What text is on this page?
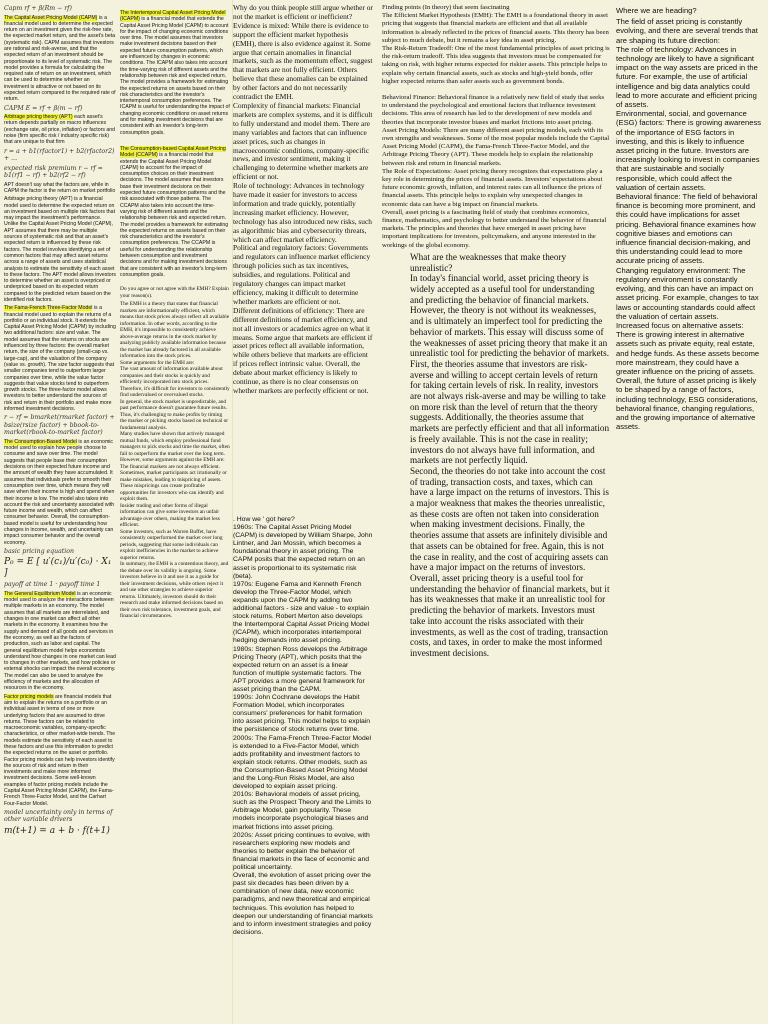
Capm rf + β(Rm − rf)

The Capital Asset Pricing Model (CAPM) is a financial model used to determine the expected return on an investment given the risk-free rate, the expected market return, and the asset's beta (systematic risk). CAPM assumes that investors are rational and risk-averse, and that the expected return of an investment should be proportionate to its level of systematic risk. The model provides a formula for calculating the required rate of return on an investment, which can be used to determine whether an investment is attractive or not based on its expected return compared to the required rate of return.

CAPM E = rf + β(m − rf)

Arbitrage pricing theory (APT) each asset's return depends partially on macro influences (exchange rate, oil price, inflation) or factors and noise (firm specific risk / industry specific risk) that are unique to that firm

r = a + b1(rfactor1) + b2(rfactor2) + ...
expected risk premium r − rf = b1(rf1 − rf) + b2(rf2 − rf)

APT doesn't say what the factors are, while in CAPM the factor is the return on market portfolio

Arbitrage pricing theory (APT) is a financial model used to determine the expected return on an investment based on multiple risk factors that may impact the investment's performance. Unlike the Capital Asset Pricing Model (CAPM), APT assumes that there may be multiple sources of systematic risk and that an asset's expected return is influenced by these risk factors. The model involves identifying a set of common factors that may affect asset returns across a range of assets and uses statistical analysis to estimate the sensitivity of each asset to these factors. The APT model allows investors to determine whether an asset is overpriced or underpriced based on its expected return compared to the predicted return based on the identified risk factors.

The Fama-French Three-Factor Model is a financial model used to explain the returns of a portfolio or an individual stock. It extends the Capital Asset Pricing Model (CAPM) by including two additional factors: size and value. The model assumes that the returns on stocks are influenced by three factors: the overall market return, the size of the company (small-cap vs. large-cap), and the valuation of the company (value vs. growth). The size factor suggests that smaller companies tend to outperform larger companies over time, while the value factor suggests that value stocks tend to outperform growth stocks. The three-factor model allows investors to better understand the sources of risk and return in their portfolio and make more informed investment decisions.

r − rf = bmarket(rmarket factor) + bsize(rsize factor) + bbook-to-market(rbook-to-market factor)

The Consumption-Based Model is an economic model used to explain how people choose to consume and save over time. The model suggests that people base their consumption decisions on their expected future income and the amount of wealth they have accumulated. It assumes that individuals prefer to smooth their consumption over time, which means they will save when their income is high and spend when their income is low. The model also takes into account the risk and uncertainty associated with future income and wealth, which can affect consumer behavior. Overall, the consumption-based model is useful for understanding how changes in income, wealth, and uncertainty can impact consumer behavior and the overall economy.

basic pricing equation
P₀ = E [ u′(c₁)/u′(c₀) · X₁ ]
payoff at time 1 · payoff time 1

The General Equilibrium Model is an economic model used to analyze the interactions between multiple markets in an economy. The model assumes that all markets are interrelated, and changes in one market can affect all other markets in the economy. It examines how the supply and demand of all goods and services in the economy, as well as the factors of production, such as labor and capital. The general equilibrium model helps economists understand how changes in one market can lead to changes in other markets, and how policies or external shocks can impact the overall economy. The model can also be used to analyze the efficiency of markets and the allocation of resources in the economy.

Factor pricing models are financial models that aim to explain the returns on a portfolio or an individual asset in terms of one or more underlying factors that are assumed to drive returns. These factors can be related to macroeconomic variables, company-specific characteristics, or other market-wide trends. The models estimate the sensitivity of each asset to these factors and use this information to predict the expected returns on the asset or portfolio. Factor pricing models can help investors identify the sources of risk and return in their investments and make more informed investment decisions. Some well-known examples of factor pricing models include the Capital Asset Pricing Model (CAPM), the Fama-French Three-Factor Model, and the Carhart Four-Factor Model.

model uncertainty only in terms of other variable drivers
m(t+1) = a + b · f(t+1)

The Intertemporal Capital Asset Pricing Model (ICAPM) is a financial model that extends the Capital Asset Pricing Model (CAPM) to account for the impact of changing economic conditions over time. The model assumes that investors make investment decisions based on their expected future consumption patterns, which are influenced by changes in economic conditions. The ICAPM also takes into account the time-varying risk of different assets and the relationship between risk and expected return. The model provides a framework for estimating the expected returns on assets based on their risk characteristics and the investor's intertemporal consumption preferences. The ICAPM is useful for understanding the impact of changing economic conditions on asset returns and for making investment decisions that are consistent with an investor's long-term consumption goals.

The Consumption-based Capital Asset Pricing Model (CCAPM) is a financial model that extends the Capital Asset Pricing Model (CAPM) to account for the impact of consumption choices on their investment decisions. The model assumes that investors base their investment decisions on their expected future consumption patterns and the risk associated with those patterns. The CCAPM also takes into account the time-varying risk of different assets and the relationship between risk and expected return. The model provides a framework for estimating the expected returns on assets based on their risk characteristics and the investor's consumption preferences. The CCAPM is useful for understanding the relationship between consumption and investment decisions and for making investment decisions that are consistent with an investor's long-term consumption goals.

Do you agree or not agree with the EMH? Explain your reason(s).

The EMH is a theory that states that financial markets are informationally efficient, which means that stock prices always reflect all available information. In other words, according to the EMH, it's impossible to consistently achieve above-average returns in the stock market by analyzing publicly available information because the market has already factored in all available information into the stock prices.
Some arguments for the EMH are:
The vast amount of information available about companies and their stocks is quickly and efficiently incorporated into stock prices. Therefore, it's difficult for investors to consistently find undervalued or overvalued stocks.
In general, the stock market is unpredictable, and past performance doesn't guarantee future results. Thus, it's challenging to make profits by timing the market or picking stocks based on technical or fundamental analysis.
Many studies have shown that actively managed mutual funds, which employ professional fund managers to pick stocks and time the market, often fail to outperform the market over the long term.
However, some arguments against the EMH are:
The financial markets are not always efficient. Sometimes, market participants act irrationally or make mistakes, leading to mispricing of assets. These mispricings can create profitable opportunities for investors who can identify and exploit them.
Insider trading and other forms of illegal information can give some investors an unfair advantage over others, making the market less efficient.
Some investors, such as Warren Buffet, have consistently outperformed the market over long periods, suggesting that some individuals can exploit inefficiencies in the market to achieve superior returns.
In summary, the EMH is a contentious theory, and the debate over its validity is ongoing. Some investors believe in it and use it as a guide for their investment decisions, while others reject it and use other strategies to achieve superior returns. Ultimately, investors should do their research and make informed decisions based on their own risk tolerance, investment goals, and financial circumstances.

Why do you think people still argue whether or not the market is efficient or inefficient?
Evidence is mixed: While there is evidence to support the efficient market hypothesis (EMH), there is also evidence against it. Some argue that certain anomalies in financial markets, such as the momentum effect, suggest that markets are not fully efficient. Others believe that these anomalies can be explained by other factors and do not necessarily contradict the EMH.
Complexity of financial markets: Financial markets are complex systems, and it is difficult to fully understand and model them. There are many variables and factors that can influence asset prices, such as changes in macroeconomic conditions, company-specific news, and investor sentiment, making it challenging to determine whether markets are efficient or not.
Role of technology: Advances in technology have made it easier for investors to access information and trade quickly, potentially increasing market efficiency. However, technology has also introduced new risks, such as algorithmic bias and cybersecurity threats, which can affect market efficiency.
Political and regulatory factors: Governments and regulators can influence market efficiency through policies such as tax incentives, subsidies, and regulations. Political and regulatory changes can impact market efficiency, making it difficult to determine whether markets are efficient or not.
Different definitions of efficiency: There are different definitions of market efficiency, and not all investors or academics agree on what it means. Some argue that markets are efficient if asset prices reflect all available information, while others believe that markets are efficient if prices reflect intrinsic value. Overall, the debate about market efficiency is likely to continue, as there is no clear consensus on whether markets are perfectly efficient or not.

. How we ' got here?
1960s: The Capital Asset Pricing Model (CAPM) is developed by William Sharpe, John Lintner, and Jan Mossin, which becomes a foundational theory in asset pricing. The CAPM posits that the expected return on an asset is proportional to its systematic risk (beta).
1970s: Eugene Fama and Kenneth French develop the Three-Factor Model, which expands upon the CAPM by adding two additional factors - size and value - to explain stock returns. Robert Merton also develops the Intertemporal Capital Asset Pricing Model (ICAPM), which incorporates intertemporal hedging demands into asset pricing.
1980s: Stephen Ross develops the Arbitrage Pricing Theory (APT), which posits that the expected return on an asset is a linear function of multiple systematic factors. The APT provides a more general framework for asset pricing than the CAPM.
1990s: John Cochrane develops the Habit Formation Model, which incorporates consumers' preferences for habit formation into asset pricing. This model helps to explain the persistence of stock returns over time.
2000s: The Fama-French Three-Factor Model is extended to a Five-Factor Model, which adds profitability and investment factors to explain stock returns. Other models, such as the Consumption-Based Asset Pricing Model and the Long-Run Risks Model, are also developed to explain asset pricing.
2010s: Behavioral models of asset pricing, such as the Prospect Theory and the Limits to Arbitrage Model, gain popularity. These models incorporate psychological biases and market frictions into asset pricing.
2020s: Asset pricing continues to evolve, with researchers exploring new models and theories to better explain the behavior of financial markets in the face of economic and political uncertainty.
Overall, the evolution of asset pricing over the past six decades has been driven by a combination of new data, new economic paradigms, and new theoretical and empirical techniques. This evolution has helped to deepen our understanding of financial markets and to inform investment strategies and policy decisions.

Finding points (In theory) that seem fascinating
The Efficient Market Hypothesis (EMH): The EMH is a foundational theory in asset pricing that suggests that financial markets are efficient and that all available information is already reflected in the prices of financial assets. This theory has been subject to much debate, but it remains a key idea in asset pricing.
The Risk-Return Tradeoff: One of the most fundamental principles of asset pricing is the risk-return tradeoff. This idea suggests that investors must be compensated for taking on risk, with higher returns expected for riskier assets. This principle helps to explain why certain financial assets, such as stocks and high-yield bonds, offer higher expected returns than safer assets such as government bonds.

Behavioral Finance: Behavioral finance is a relatively new field of study that seeks to understand the psychological and emotional factors that influence investment decisions. This area of research has led to the development of new models and theories that incorporate investor biases and market frictions into asset pricing.
Asset Pricing Models: There are many different asset pricing models, each with its own strengths and weaknesses. Some of the most popular models include the Capital Asset Pricing Model (CAPM), the Fama-French Three-Factor Model, and the Arbitrage Pricing Theory (APT). These models help to explain the relationship between risk and return in financial markets.
The Role of Expectations: Asset pricing theory recognizes that expectations play a key role in determining the prices of financial assets. Investors' expectations about future economic growth, inflation, and interest rates can all influence the prices of financial assets. This principle helps to explain why unexpected changes in economic data can have a big impact on financial markets.
Overall, asset pricing is a fascinating field of study that combines economics, finance, mathematics, and psychology to better understand the behavior of financial markets. The principles and theories that have emerged in asset pricing have important implications for investors, policymakers, and anyone interested in the workings of the global economy.

What are the weaknesses that make theory unrealistic?
In today's financial world, asset pricing theory is widely accepted as a useful tool for understanding and predicting the behavior of financial markets. However, the theory is not without its weaknesses, and is ultimately an imperfect tool for predicting the behavior of markets. This essay will discuss some of the weaknesses of asset pricing theory that make it an unrealistic tool for predicting the behavior of markets.
First, the theories assume that investors are risk-averse and willing to accept certain levels of return for taking certain levels of risk. In reality, investors are not always risk-averse and may be willing to take on more risk than the level of return that the theory suggests. Additionally, the theories assume that markets are perfectly efficient and that all information is freely available. This is not the case in reality; investors do not always have full information, and markets are not perfectly liquid.
Second, the theories do not take into account the cost of trading, transaction costs, and taxes, which can have a large impact on the returns of investors. This is a major weakness that makes the theories unrealistic, as these costs are often not taken into consideration when making investment decisions. Finally, the theories assume that assets are infinitely divisible and that assets can be obtained for free. Again, this is not the case in reality, and the cost of acquiring assets can have a major impact on the returns of investors.
Overall, asset pricing theory is a useful tool for understanding the behavior of financial markets, but it has its weaknesses that make it an unrealistic tool for predicting the behavior of markets. Investors must take into account the risks associated with their investments, as well as the cost of trading, transaction costs, and taxes, in order to make the most informed investment decisions.

Where we are heading?

The field of asset pricing is constantly evolving, and there are several trends that are shaping its future direction:
The role of technology: Advances in technology are likely to have a significant impact on the way assets are priced in the future. For example, the use of artificial intelligence and big data analytics could lead to more accurate and efficient pricing of assets.
Environmental, social, and governance (ESG) factors: There is growing awareness of the importance of ESG factors in investing, and this is likely to influence asset pricing in the future. Investors are increasingly looking to invest in companies that are sustainable and socially responsible, which could affect the valuation of certain assets.
Behavioral finance: The field of behavioral finance is becoming more prominent, and this could have implications for asset pricing. Behavioral finance examines how cognitive biases and emotions can influence financial decision-making, and this understanding could lead to more accurate pricing of assets.
Changing regulatory environment: The regulatory environment is constantly evolving, and this can have an impact on asset pricing. For example, changes to tax laws or accounting standards could affect the valuation of certain assets.
Increased focus on alternative assets: There is growing interest in alternative assets such as private equity, real estate, and hedge funds. As these assets become more mainstream, they could have a greater influence on the pricing of assets.
Overall, the future of asset pricing is likely to be shaped by a range of factors, including technology, ESG considerations, behavioral finance, changing regulations, and the growing importance of alternative assets.
